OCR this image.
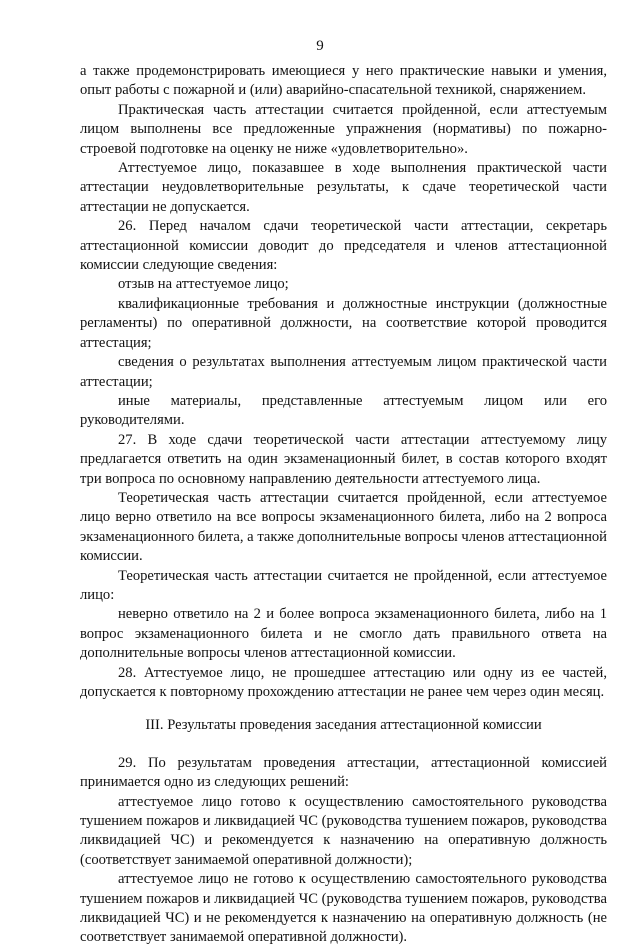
9

а также продемонстрировать имеющиеся у него практические навыки и умения, опыт работы с пожарной и (или) аварийно-спасательной техникой, снаряжением.

Практическая часть аттестации считается пройденной, если аттестуемым лицом выполнены все предложенные упражнения (нормативы) по пожарно-строевой подготовке на оценку не ниже «удовлетворительно».

Аттестуемое лицо, показавшее в ходе выполнения практической части аттестации неудовлетворительные результаты, к сдаче теоретической части аттестации не допускается.

26. Перед началом сдачи теоретической части аттестации, секретарь аттестационной комиссии доводит до председателя и членов аттестационной комиссии следующие сведения:

отзыв на аттестуемое лицо;

квалификационные требования и должностные инструкции (должностные регламенты) по оперативной должности, на соответствие которой проводится аттестация;

сведения о результатах выполнения аттестуемым лицом практической части аттестации;

иные материалы, представленные аттестуемым лицом или его руководителями.

27. В ходе сдачи теоретической части аттестации аттестуемому лицу предлагается ответить на один экзаменационный билет, в состав которого входят три вопроса по основному направлению деятельности аттестуемого лица.

Теоретическая часть аттестации считается пройденной, если аттестуемое лицо верно ответило на все вопросы экзаменационного билета, либо на 2 вопроса экзаменационного билета, а также дополнительные вопросы членов аттестационной комиссии.

Теоретическая часть аттестации считается не пройденной, если аттестуемое лицо:

неверно ответило на 2 и более вопроса экзаменационного билета, либо на 1 вопрос экзаменационного билета и не смогло дать правильного ответа на дополнительные вопросы членов аттестационной комиссии.

28. Аттестуемое лицо, не прошедшее аттестацию или одну из ее частей, допускается к повторному прохождению аттестации не ранее чем через один месяц.

III. Результаты проведения заседания аттестационной комиссии

29. По результатам проведения аттестации, аттестационной комиссией принимается одно из следующих решений:

аттестуемое лицо готово к осуществлению самостоятельного руководства тушением пожаров и ликвидацией ЧС (руководства тушением пожаров, руководства ликвидацией ЧС) и рекомендуется к назначению на оперативную должность (соответствует занимаемой оперативной должности);

аттестуемое лицо не готово к осуществлению самостоятельного руководства тушением пожаров и ликвидацией ЧС (руководства тушением пожаров, руководства ликвидацией ЧС) и не рекомендуется к назначению на оперативную должность (не соответствует занимаемой оперативной должности).
